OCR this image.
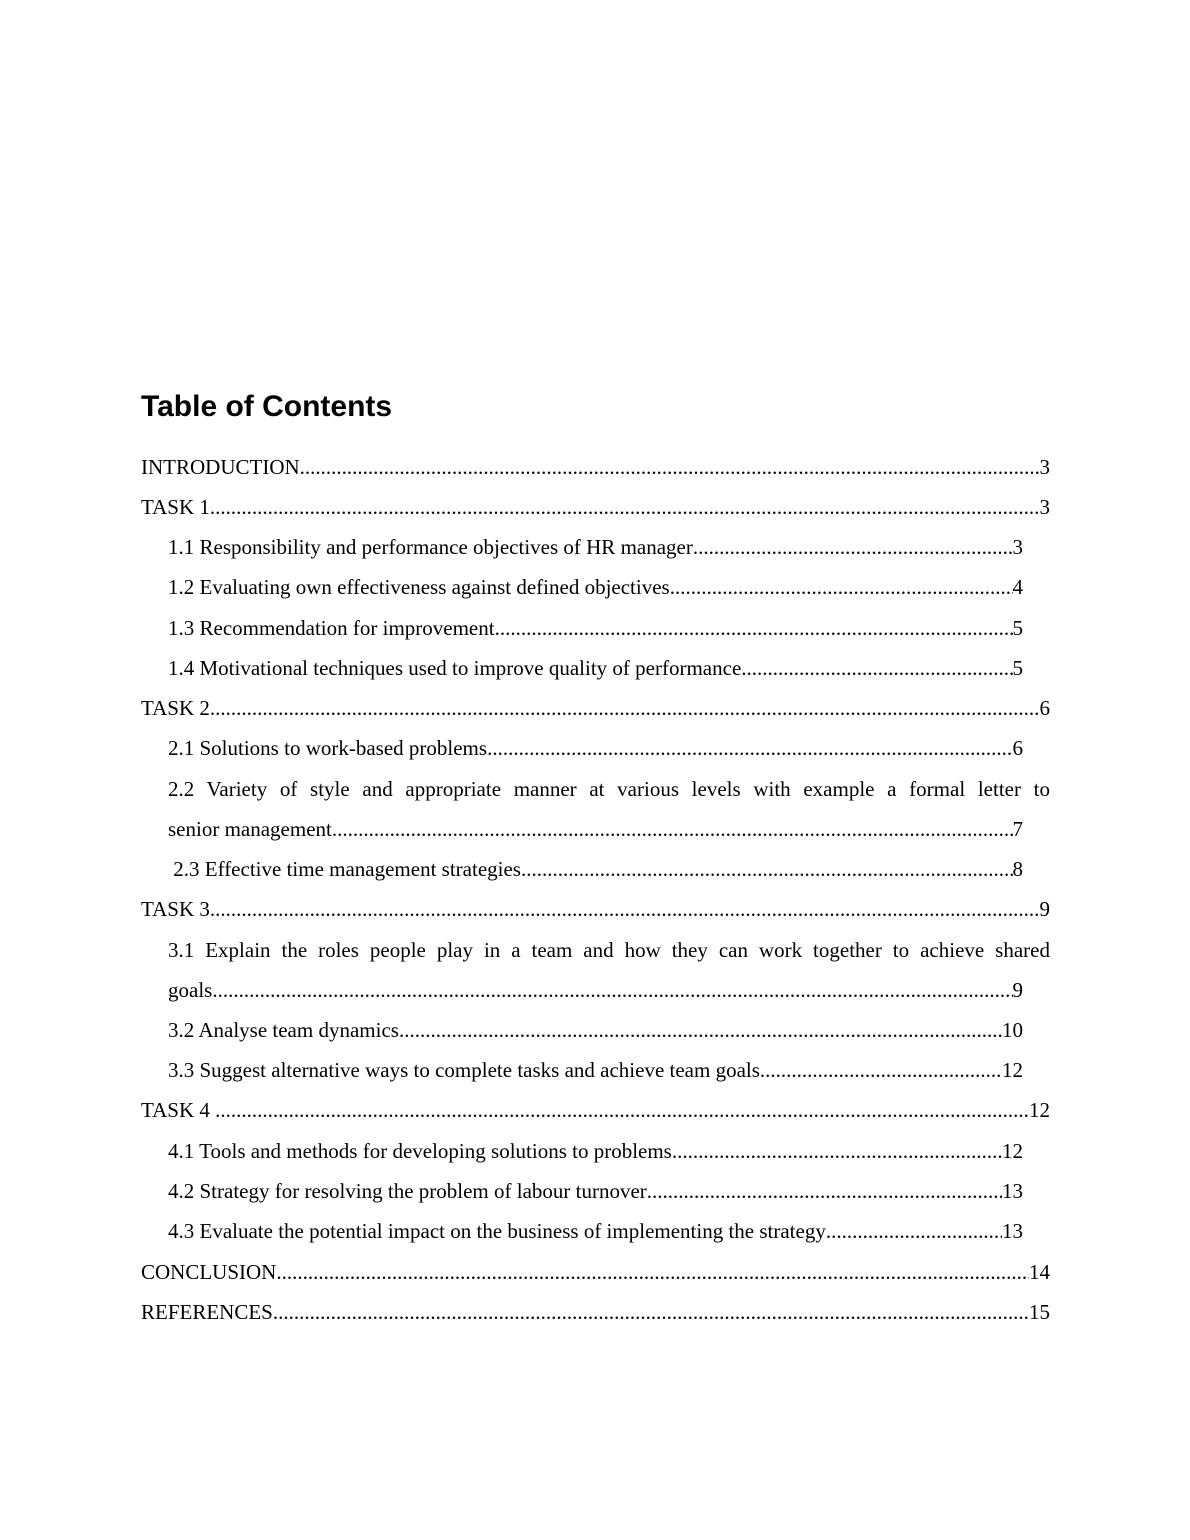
Table of Contents
INTRODUCTION .....	3
TASK 1 .....	3
1.1 Responsibility and performance objectives of HR manager .....	3
1.2 Evaluating own effectiveness against defined objectives .....	4
1.3 Recommendation for improvement .....	5
1.4 Motivational techniques used to improve quality of performance .....	5
TASK 2 .....	6
2.1 Solutions to work-based problems .....	6
2.2 Variety of style and appropriate manner at various levels with example a formal letter to
senior management .....	7
2.3 Effective time management strategies .....	8
TASK 3 .....	9
3.1 Explain the roles people play in a team and how they can work together to achieve shared
goals .....	9
3.2 Analyse team dynamics .....	10
3.3 Suggest alternative ways to complete tasks and achieve team goals .....	12
TASK 4 .....	12
4.1 Tools and methods for developing solutions to problems .....	12
4.2 Strategy for resolving the problem of labour turnover .....	13
4.3 Evaluate the potential impact on the business of implementing the strategy .....	13
CONCLUSION .....	14
REFERENCES .....	15
